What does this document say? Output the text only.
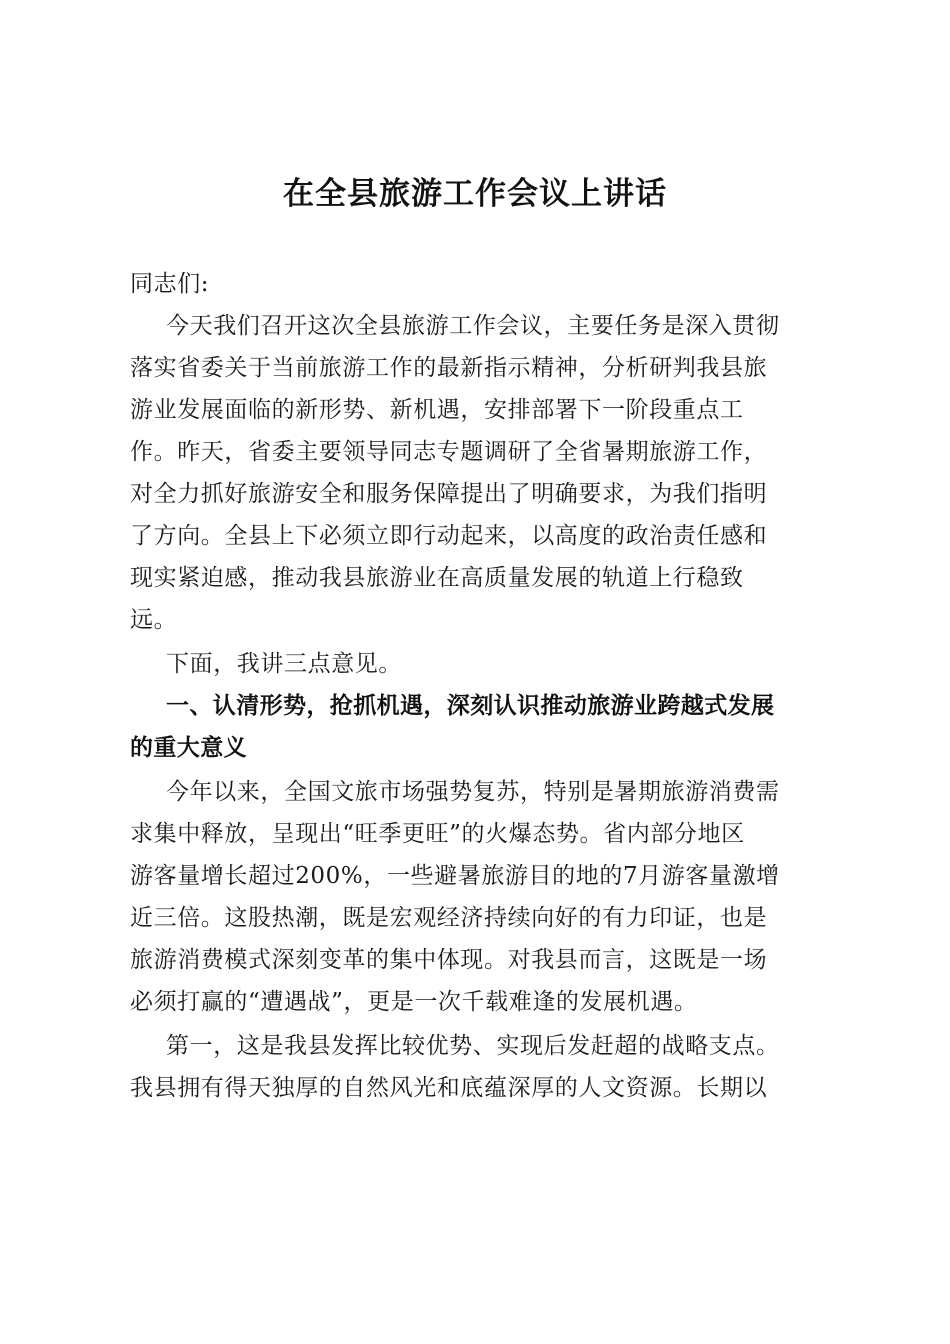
在全县旅游工作会议上讲话
同志们:
今天我们召开这次全县旅游工作会议，主要任务是深入贯彻
落实省委关于当前旅游工作的最新指示精神，分析研判我县旅
游业发展面临的新形势、新机遇，安排部署下一阶段重点工
作。昨天，省委主要领导同志专题调研了全省暑期旅游工作，
对全力抓好旅游安全和服务保障提出了明确要求，为我们指明
了方向。全县上下必须立即行动起来，以高度的政治责任感和
现实紧迫感，推动我县旅游业在高质量发展的轨道上行稳致
远。
下面，我讲三点意见。
一、认清形势，抢抓机遇，深刻认识推动旅游业跨越式发展
的重大意义
今年以来，全国文旅市场强势复苏，特别是暑期旅游消费需
求集中释放，呈现出“旺季更旺”的火爆态势。省内部分地区
游客量增长超过200%，一些避暑旅游目的地的7月游客量激增
近三倍。这股热潮，既是宏观经济持续向好的有力印证，也是
旅游消费模式深刻变革的集中体现。对我县而言，这既是一场
必须打赢的“遭遇战”，更是一次千载难逢的发展机遇。
第一，这是我县发挥比较优势、实现后发赶超的战略支点。
我县拥有得天独厚的自然风光和底蕴深厚的人文资源。长期以
